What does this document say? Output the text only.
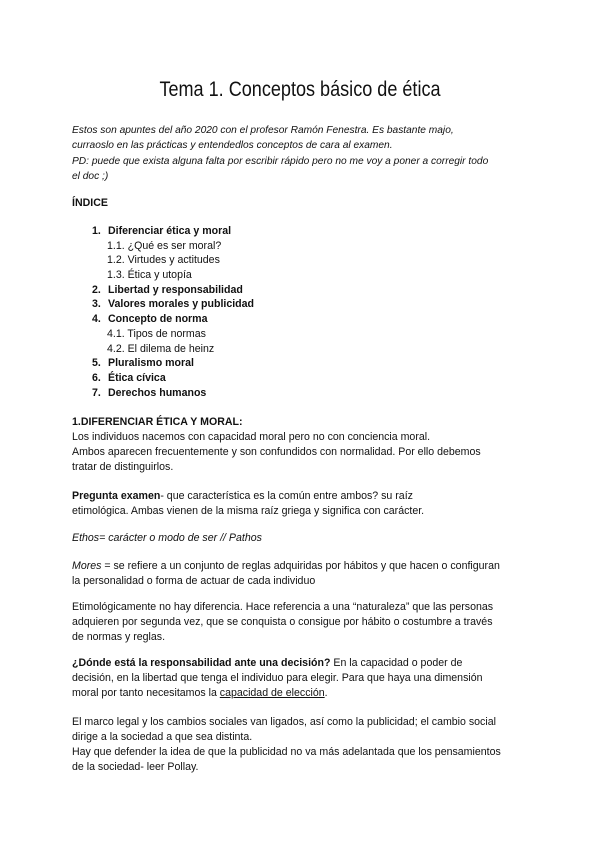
Tema 1. Conceptos básico de ética
Estos son apuntes del año 2020 con el profesor Ramón Fenestra. Es bastante majo,
curraoslo en las prácticas y entendedlos conceptos de cara al examen.
PD: puede que exista alguna falta por escribir rápido pero no me voy a poner a corregir todo
el doc ;)
ÍNDICE
1. Diferenciar ética y moral
1.1. ¿Qué es ser moral?
1.2. Virtudes y actitudes
1.3. Ética y utopía
2. Libertad y responsabilidad
3. Valores morales y publicidad
4. Concepto de norma
4.1. Tipos de normas
4.2. El dilema de heinz
5. Pluralismo moral
6. Ética cívica
7. Derechos humanos

1.DIFERENCIAR ÉTICA Y MORAL:

Los individuos nacemos con capacidad moral pero no con conciencia moral.
Ambos aparecen frecuentemente y son confundidos con normalidad. Por ello debemos
tratar de distinguirlos.

Pregunta examen- que característica es la común entre ambos? su raíz
etimológica. Ambas vienen de la misma raíz griega y significa con carácter.

Ethos= carácter o modo de ser // Pathos

Mores = se refiere a un conjunto de reglas adquiridas por hábitos y que hacen o configuran
la personalidad o forma de actuar de cada individuo

Etimológicamente no hay diferencia. Hace referencia a una “naturaleza” que las personas
adquieren por segunda vez, que se conquista o consigue por hábito o costumbre a través
de normas y reglas.

¿Dónde está la responsabilidad ante una decisión? En la capacidad o poder de
decisión, en la libertad que tenga el individuo para elegir. Para que haya una dimensión
moral por tanto necesitamos la capacidad de elección.

El marco legal y los cambios sociales van ligados, así como la publicidad; el cambio social
dirige a la sociedad a que sea distinta.
Hay que defender la idea de que la publicidad no va más adelantada que los pensamientos
de la sociedad- leer Pollay.
